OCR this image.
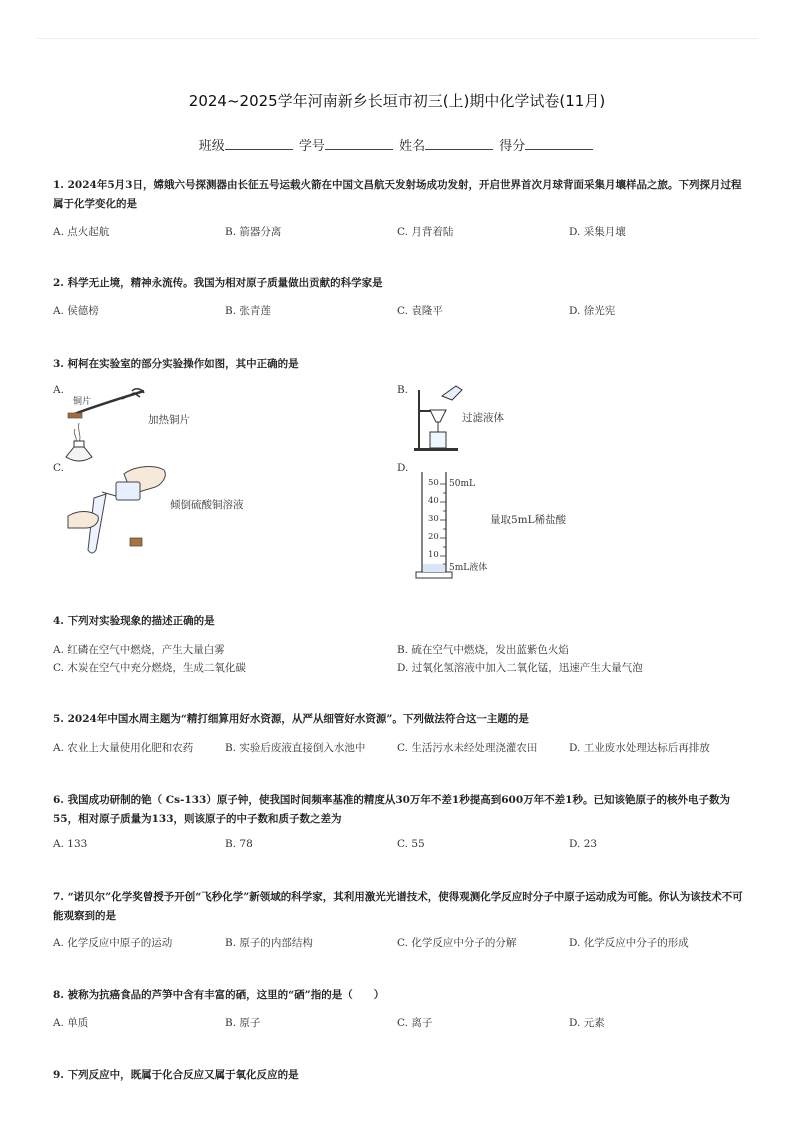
2024~2025学年河南新乡长垣市初三(上)期中化学试卷(11月)
班级	学号	姓名	得分
1. 2024年5月3日，嫦娥六号探测器由长征五号运载火箭在中国文昌航天发射场成功发射，开启世界首次月球背面采集月壤样品之旅。下列探月过程属于化学变化的是
A. 点火起航	B. 箭器分离	C. 月背着陆	D. 采集月壤
2. 科学无止境，精神永流传。我国为相对原子质量做出贡献的科学家是
A. 侯德榜	B. 张青莲	C. 袁隆平	D. 徐光宪
3. 柯柯在实验室的部分实验操作如图，其中正确的是
A.
铜片
加热铜片
B.
过滤液体
C.
倾倒硫酸铜溶液
D.
50
40
30
20
10
50mL
5mL液体
量取5mL稀盐酸
4. 下列对实验现象的描述正确的是
A. 红磷在空气中燃烧，产生大量白雾	B. 硫在空气中燃烧，发出蓝紫色火焰
C. 木炭在空气中充分燃烧，生成二氧化碳	D. 过氧化氢溶液中加入二氧化锰，迅速产生大量气泡
5. 2024年中国水周主题为“精打细算用好水资源，从严从细管好水资源”。下列做法符合这一主题的是
A. 农业上大量使用化肥和农药	B. 实验后废液直接倒入水池中	C. 生活污水未经处理浇灌农田	D. 工业废水处理达标后再排放
6. 我国成功研制的铯（ Cs-133）原子钟，使我国时间频率基准的精度从30万年不差1秒提高到600万年不差1秒。已知该铯原子的核外电子数为55，相对原子质量为133，则该原子的中子数和质子数之差为
A. 133	B. 78	C. 55	D. 23
7. “诺贝尔”化学奖曾授予开创“飞秒化学”新领域的科学家，其利用激光光谱技术，使得观测化学反应时分子中原子运动成为可能。你认为该技术不可能观察到的是
A. 化学反应中原子的运动	B. 原子的内部结构	C. 化学反应中分子的分解	D. 化学反应中分子的形成
8. 被称为抗癌食品的芦笋中含有丰富的硒，这里的“硒”指的是（　　）
A. 单质	B. 原子	C. 离子	D. 元素
9. 下列反应中，既属于化合反应又属于氧化反应的是
